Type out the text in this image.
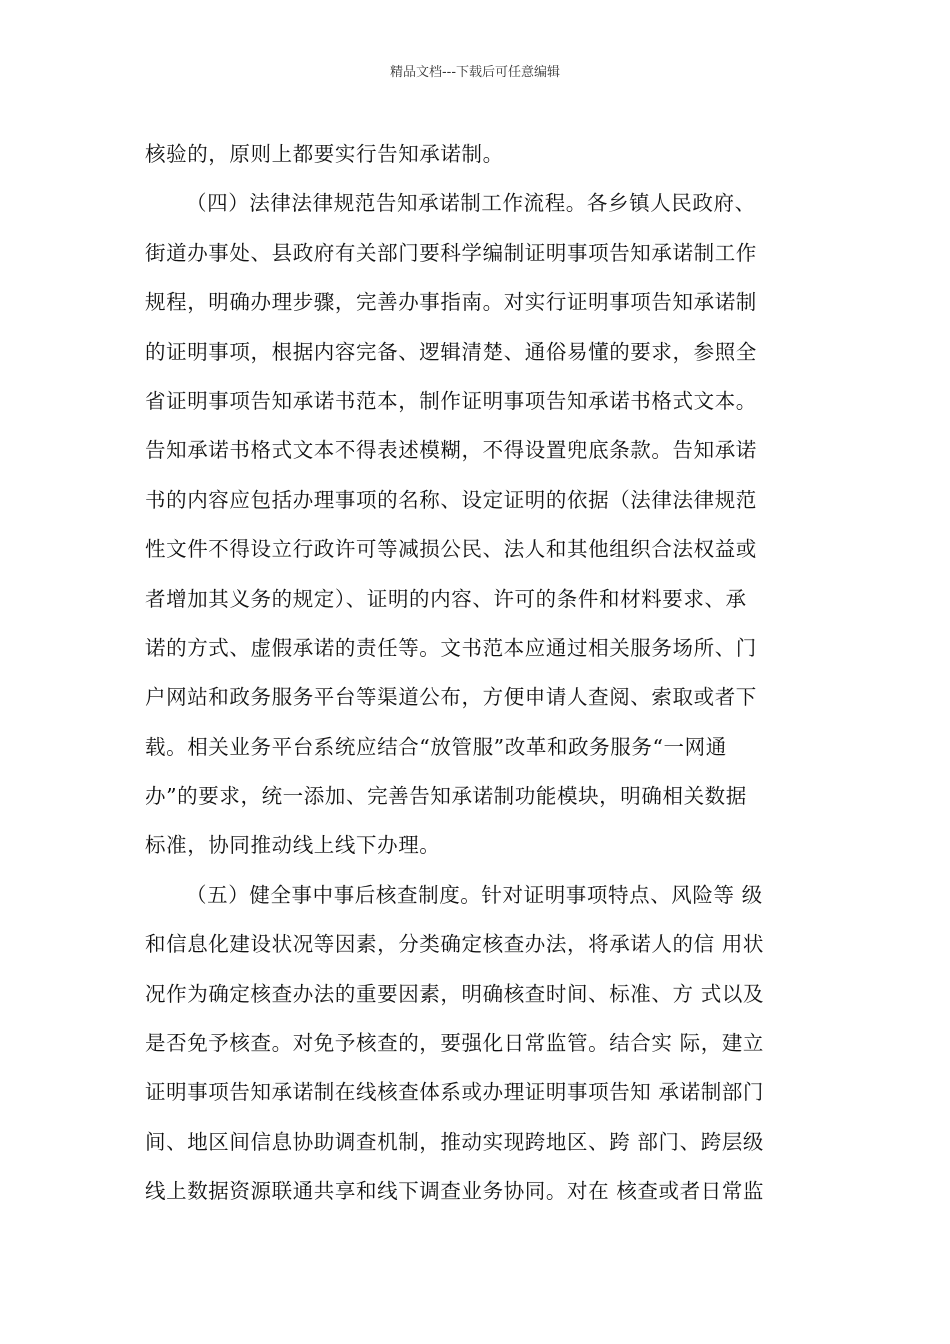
精品文档---下载后可任意编辑
核验的，原则上都要实行告知承诺制。
（四）法律法律规范告知承诺制工作流程。各乡镇人民政府、
街道办事处、县政府有关部门要科学编制证明事项告知承诺制工作
规程，明确办理步骤，完善办事指南。对实行证明事项告知承诺制
的证明事项，根据内容完备、逻辑清楚、通俗易懂的要求，参照全
省证明事项告知承诺书范本，制作证明事项告知承诺书格式文本。
告知承诺书格式文本不得表述模糊，不得设置兜底条款。告知承诺
书的内容应包括办理事项的名称、设定证明的依据（法律法律规范
性文件不得设立行政许可等减损公民、法人和其他组织合法权益或
者增加其义务的规定）、证明的内容、许可的条件和材料要求、承
诺的方式、虚假承诺的责任等。文书范本应通过相关服务场所、门
户网站和政务服务平台等渠道公布，方便申请人查阅、索取或者下
载。相关业务平台系统应结合“放管服”改革和政务服务“一网通
办”的要求，统一添加、完善告知承诺制功能模块，明确相关数据
标准，协同推动线上线下办理。
（五）健全事中事后核查制度。针对证明事项特点、风险等 级
和信息化建设状况等因素，分类确定核查办法，将承诺人的信 用状
况作为确定核查办法的重要因素，明确核查时间、标准、方 式以及
是否免予核查。对免予核查的，要强化日常监管。结合实 际，建立
证明事项告知承诺制在线核查体系或办理证明事项告知 承诺制部门
间、地区间信息协助调查机制，推动实现跨地区、跨 部门、跨层级
线上数据资源联通共享和线下调查业务协同。对在 核查或者日常监
